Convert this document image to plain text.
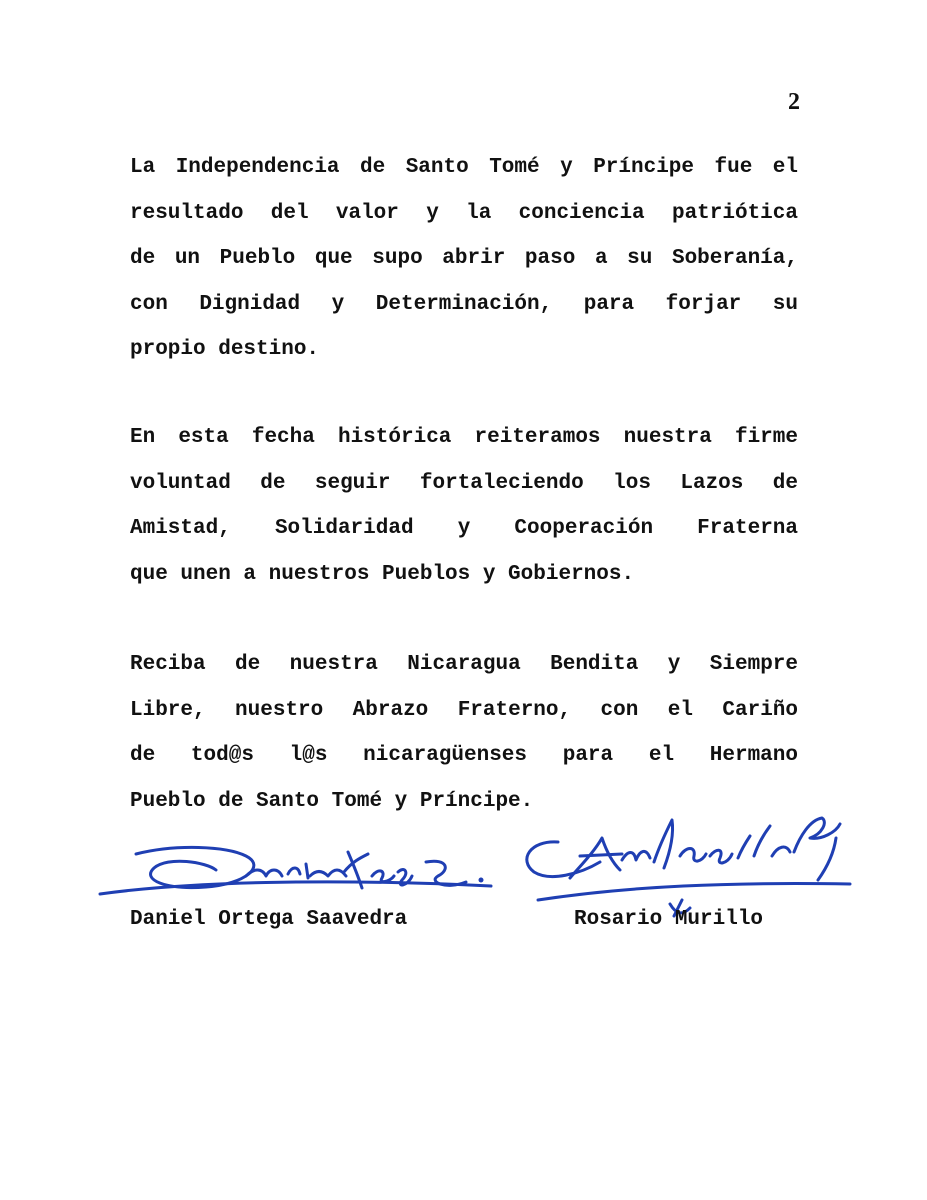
2
La Independencia de Santo Tomé y Príncipe fue el
resultado del valor y la conciencia patriótica
de un Pueblo que supo abrir paso a su Soberanía,
con Dignidad y Determinación, para forjar su
propio destino.
En esta fecha histórica reiteramos nuestra firme
voluntad de seguir fortaleciendo los Lazos de
Amistad, Solidaridad y Cooperación Fraterna
que unen a nuestros Pueblos y Gobiernos.
Reciba de nuestra Nicaragua Bendita y Siempre
Libre, nuestro Abrazo Fraterno, con el Cariño
de tod@s l@s nicaragüenses para el Hermano
Pueblo de Santo Tomé y Príncipe.
Daniel Ortega Saavedra	Rosario Murillo
